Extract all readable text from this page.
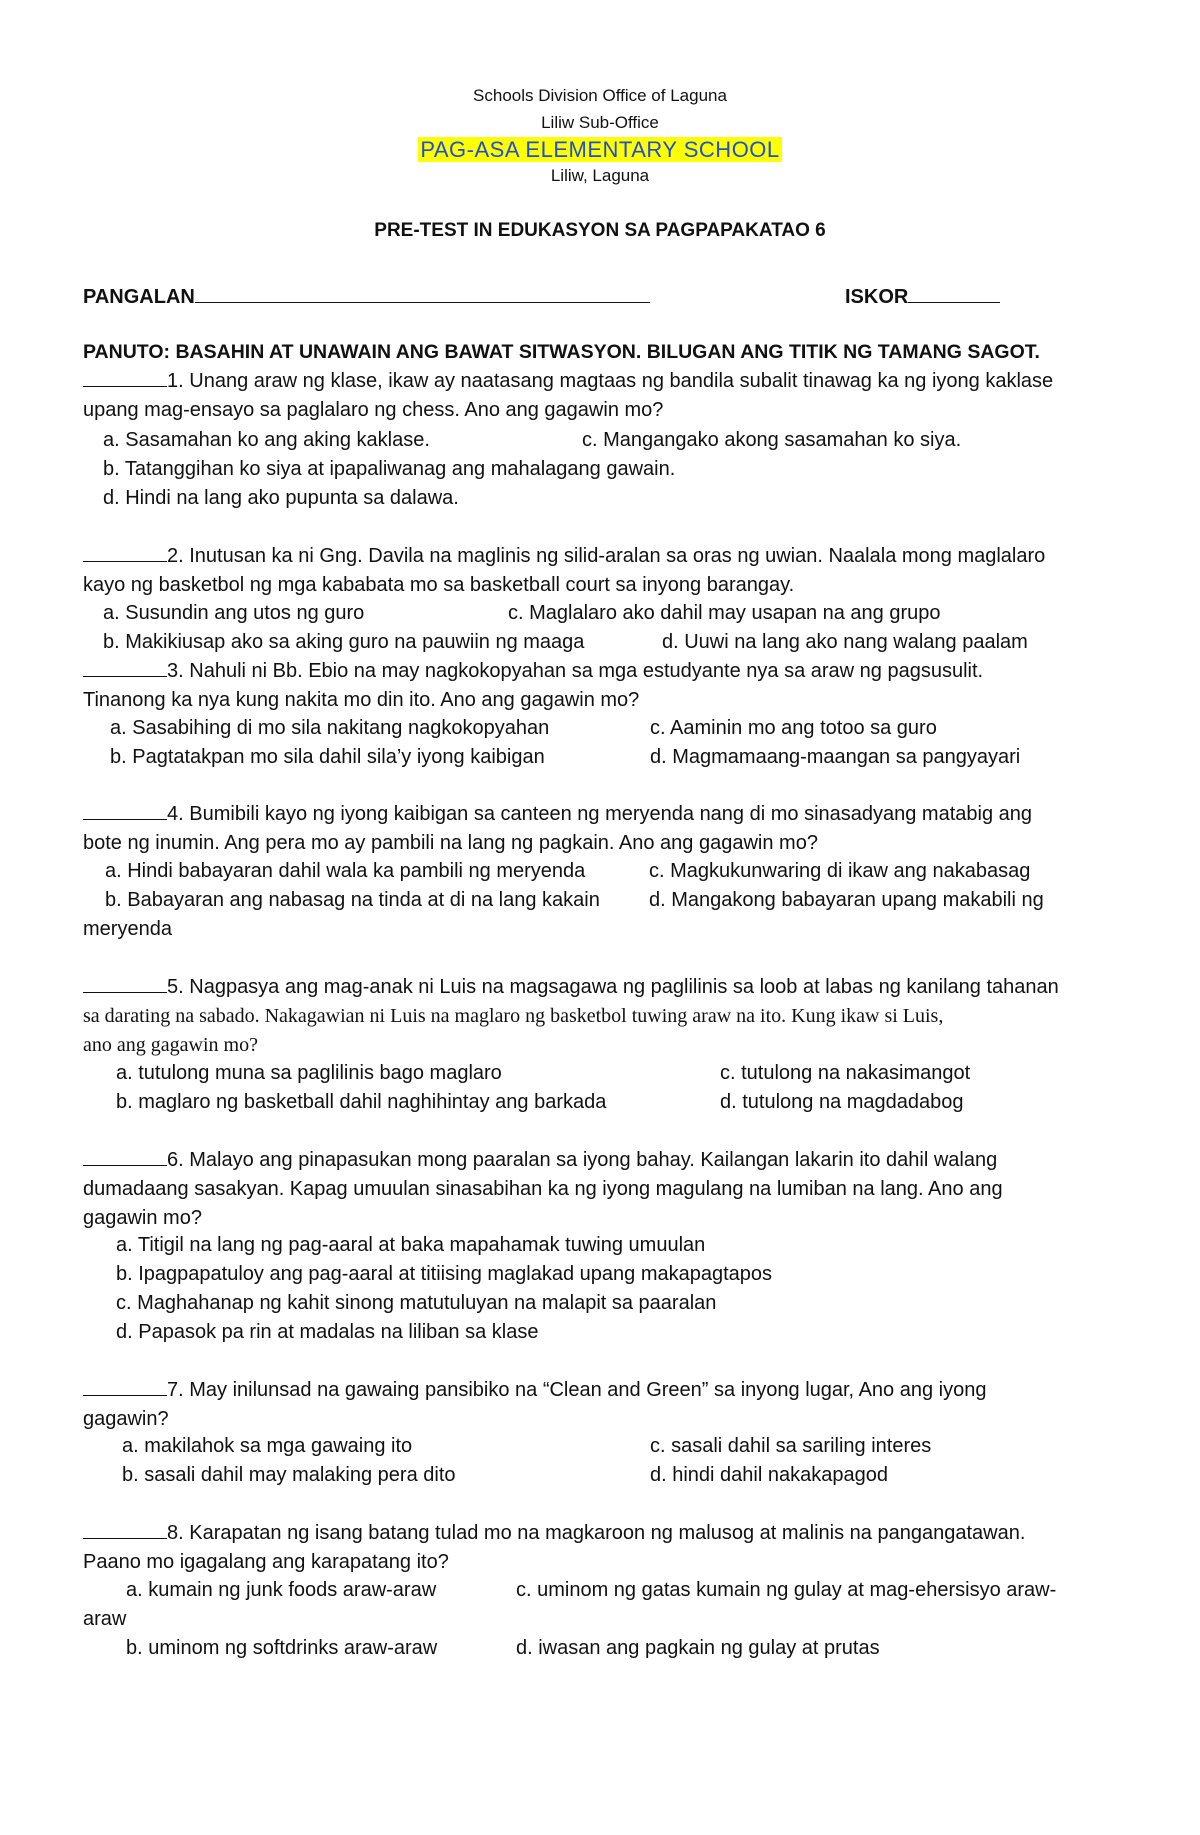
Schools Division Office of Laguna
Liliw Sub-Office
PAG-ASA ELEMENTARY SCHOOL
Liliw, Laguna
PRE-TEST IN EDUKASYON SA PAGPAPAKATAO 6
PANGALAN	ISKOR
PANUTO: BASAHIN AT UNAWAIN ANG BAWAT SITWASYON. BILUGAN ANG TITIK NG TAMANG SAGOT.
1. Unang araw ng klase, ikaw ay naatasang magtaas ng bandila subalit tinawag ka ng iyong kaklase
upang mag-ensayo sa paglalaro ng chess. Ano ang gagawin mo?
a. Sasamahan ko ang aking kaklase.	c. Mangangako akong sasamahan ko siya.
b. Tatanggihan ko siya at ipapaliwanag ang mahalagang gawain.
d. Hindi na lang ako pupunta sa dalawa.
2. Inutusan ka ni Gng. Davila na maglinis ng silid-aralan sa oras ng uwian. Naalala mong maglalaro
kayo ng basketbol ng mga kababata mo sa basketball court sa inyong barangay.
a. Susundin ang utos ng guro	c. Maglalaro ako dahil may usapan na ang grupo
b. Makikiusap ako sa aking guro na pauwiin ng maaga	d. Uuwi na lang ako nang walang paalam
3. Nahuli ni Bb. Ebio na may nagkokopyahan sa mga estudyante nya sa araw ng pagsusulit.
Tinanong ka nya kung nakita mo din ito. Ano ang gagawin mo?
a. Sasabihing di mo sila nakitang nagkokopyahan	c. Aaminin mo ang totoo sa guro
b. Pagtatakpan mo sila dahil sila’y iyong kaibigan	d. Magmamaang-maangan sa pangyayari
4. Bumibili kayo ng iyong kaibigan sa canteen ng meryenda nang di mo sinasadyang matabig ang
bote ng inumin. Ang pera mo ay pambili na lang ng pagkain. Ano ang gagawin mo?
a. Hindi babayaran dahil wala ka pambili ng meryenda	c. Magkukunwaring di ikaw ang nakabasag
b. Babayaran ang nabasag na tinda at di na lang kakain d. Mangakong babayaran upang makabili ng
meryenda
5. Nagpasya ang mag-anak ni Luis na magsagawa ng paglilinis sa loob at labas ng kanilang tahanan
sa darating na sabado. Nakagawian ni Luis na maglaro ng basketbol tuwing araw na ito. Kung ikaw si Luis,
ano ang gagawin mo?
a. tutulong muna sa paglilinis bago maglaro	c. tutulong na nakasimangot
b. maglaro ng basketball dahil naghihintay ang barkada	d. tutulong na magdadabog
6. Malayo ang pinapasukan mong paaralan sa iyong bahay. Kailangan lakarin ito dahil walang
dumadaang sasakyan. Kapag umuulan sinasabihan ka ng iyong magulang na lumiban na lang. Ano ang
gagawin mo?
a. Titigil na lang ng pag-aaral at baka mapahamak tuwing umuulan
b. Ipagpapatuloy ang pag-aaral at titiising maglakad upang makapagtapos
c. Maghahanap ng kahit sinong matutuluyan na malapit sa paaralan
d. Papasok pa rin at madalas na liliban sa klase
7. May inilunsad na gawaing pansibiko na “Clean and Green” sa inyong lugar, Ano ang iyong
gagawin?
a. makilahok sa mga gawaing ito	c. sasali dahil sa sariling interes
b. sasali dahil may malaking pera dito	d. hindi dahil nakakapagod
8. Karapatan ng isang batang tulad mo na magkaroon ng malusog at malinis na pangangatawan.
Paano mo igagalang ang karapatang ito?
a. kumain ng junk foods araw-araw	c. uminom ng gatas kumain ng gulay at mag-ehersisyo araw-
araw
b. uminom ng softdrinks araw-araw	d. iwasan ang pagkain ng gulay at prutas
